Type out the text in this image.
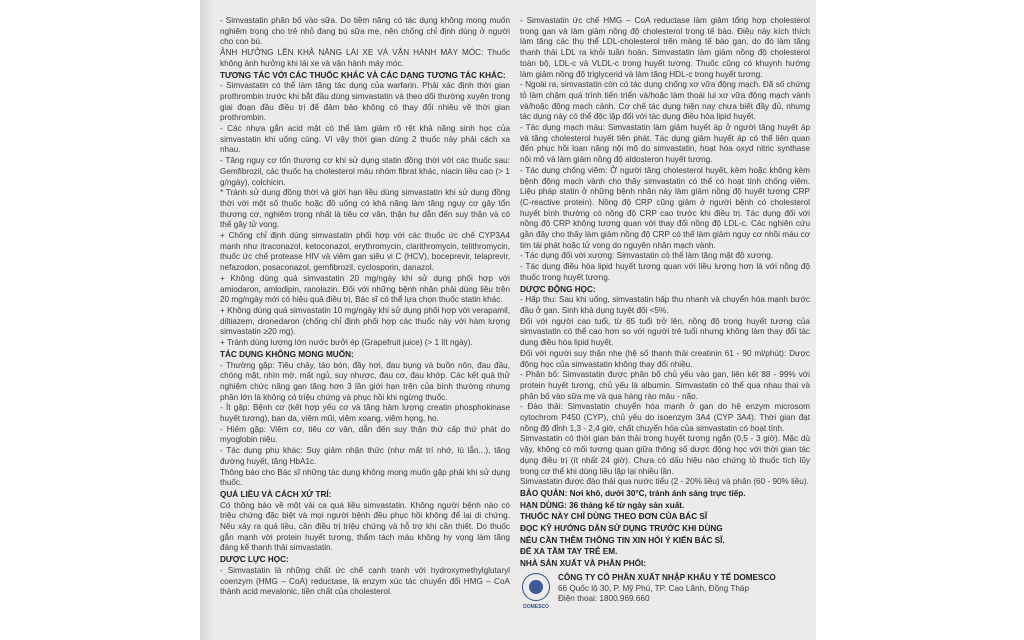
- Simvastatin phân bố vào sữa. Do tiềm năng có tác dụng không mong muốn nghiêm trọng cho trẻ nhỏ đang bú sữa mẹ, nên chống chỉ định dùng ở người cho con bú.

ẢNH HƯỞNG LÊN KHẢ NĂNG LÁI XE VÀ VẬN HÀNH MÁY MÓC: Thuốc không ảnh hưởng khi lái xe và vận hành máy móc.

TƯƠNG TÁC VỚI CÁC THUỐC KHÁC VÀ CÁC DẠNG TƯƠNG TÁC KHÁC:

- Simvastatin có thể làm tăng tác dụng của warfarin. Phải xác định thời gian prothrombin trước khi bắt đầu dùng simvastatin và theo dõi thường xuyên trong giai đoạn đầu điều trị để đảm bảo không có thay đổi nhiều về thời gian prothrombin.

- Các nhựa gắn acid mật có thể làm giảm rõ rệt khả năng sinh học của simvastatin khi uống cùng. Vì vậy thời gian dùng 2 thuốc này phải cách xa nhau.

- Tăng nguy cơ tổn thương cơ khi sử dụng statin đồng thời với các thuốc sau: Gemfibrozil, các thuốc hạ cholesterol máu nhóm fibrat khác, niacin liều cao (> 1 g/ngày), colchicin.

* Tránh sử dụng đồng thời và giới hạn liều dùng simvastatin khi sử dụng đồng thời với một số thuốc hoặc đồ uống có khả năng làm tăng nguy cơ gây tổn thương cơ, nghiêm trọng nhất là tiêu cơ vân, thận hư dẫn đến suy thận và có thể gây tử vong.

+ Chống chỉ định dùng simvastatin phối hợp với các thuốc ức chế CYP3A4 mạnh như itraconazol, ketoconazol, erythromycin, clarithromycin, telithromycin, thuốc ức chế protease HIV và viêm gan siêu vi C (HCV), boceprevir, telaprevir, nefazodon, posaconazol, gemfibrozil, cyclosporin, danazol.

+ Không dùng quá simvastatin 20 mg/ngày khi sử dụng phối hợp với amiodaron, amlodipin, ranolazin. Đối với những bệnh nhân phải dùng liều trên 20 mg/ngày mới có hiệu quả điều trị, Bác sĩ có thể lựa chọn thuốc statin khác.

+ Không dùng quá simvastatin 10 mg/ngày khi sử dụng phối hợp với verapamil, diltiazem, dronedaron (chống chỉ định phối hợp các thuốc này với hàm lượng simvastatin ≥20 mg).

+ Tránh dùng lượng lớn nước bưởi ép (Grapefruit juice) (> 1 lít ngày).

TÁC DỤNG KHÔNG MONG MUỐN:

- Thường gặp: Tiêu chảy, táo bón, đầy hơi, đau bụng và buồn nôn, đau đầu, chóng mặt, nhìn mờ, mất ngủ, suy nhược, đau cơ, đau khớp. Các kết quả thử nghiệm chức năng gan tăng hơn 3 lần giới hạn trên của bình thường nhưng phần lớn là không có triệu chứng và phục hồi khi ngừng thuốc.

- Ít gặp: Bệnh cơ (kết hợp yếu cơ và tăng hàm lượng creatin phosphokinase huyết tương), ban da, viêm mũi, viêm xoang, viêm họng, ho.

- Hiếm gặp: Viêm cơ, tiêu cơ vân, dẫn đến suy thận thứ cấp thứ phát do myoglobin niệu.

- Tác dụng phụ khác: Suy giảm nhận thức (như mất trí nhớ, lú lẫn...), tăng đường huyết, tăng HbA1c.

Thông báo cho Bác sĩ những tác dụng không mong muốn gặp phải khi sử dụng thuốc.

QUÁ LIỀU VÀ CÁCH XỬ TRÍ:

Có thông báo về một vài ca quá liều simvastatin. Không người bệnh nào có triệu chứng đặc biệt và mọi người bệnh đều phục hồi không để lại di chứng. Nếu xảy ra quá liều, cần điều trị triệu chứng và hỗ trợ khi cần thiết. Do thuốc gắn mạnh với protein huyết tương, thẩm tách máu không hy vọng làm tăng đáng kể thanh thải simvastatin.

DƯỢC LỰC HỌC:

- Simvastatin là những chất ức chế cạnh tranh với hydroxymethylglutaryl coenzym (HMG – CoA) reductase, là enzym xúc tác chuyển đổi HMG – CoA thành acid mevalonic, tiền chất của cholesterol.

- Simvastatin ức chế HMG – CoA reductase làm giảm tổng hợp cholesterol trong gan và làm giảm nồng độ cholesterol trong tế bào. Điều này kích thích làm tăng các thụ thể LDL-cholesterol trên màng tế bào gan, do đó làm tăng thanh thải LDL ra khỏi tuần hoàn. Simvastatin làm giảm nồng độ cholesterol toàn bộ, LDL-c và VLDL-c trong huyết tương. Thuốc cũng có khuynh hướng làm giảm nồng độ triglycerid và làm tăng HDL-c trong huyết tương.

- Ngoài ra, simvastatin còn có tác dụng chống xơ vữa động mạch. Đã số chứng tỏ làm chậm quá trình tiến triển và/hoặc làm thoái lui xơ vữa động mạch vành và/hoặc động mạch cảnh. Cơ chế tác dụng hiện nay chưa biết đầy đủ, nhưng tác dụng này có thể độc lập đối với tác dụng điều hòa lipid huyết.

- Tác dụng mạch máu: Simvastatin làm giảm huyết áp ở người tăng huyết áp và tăng cholesterol huyết tiên phát. Tác dụng giảm huyết áp có thể liên quan đến phục hồi loan năng nội mô do simvastatin, hoạt hóa oxyd nitric synthase nội mô và làm giảm nồng độ aldosteron huyết tương.

- Tác dụng chống viêm: Ở người tăng cholesterol huyết, kèm hoặc không kèm bệnh động mạch vành cho thấy simvastatin có thể có hoạt tính chống viêm. Liệu pháp statin ở những bệnh nhân này làm giảm nồng độ huyết tương CRP (C-reactive protein). Nồng độ CRP cũng giảm ở người bệnh có cholesterol huyết bình thường có nồng độ CRP cao trước khi điều trị. Tác dụng đối với nồng độ CRP không tương quan với thay đổi nồng độ LDL-c. Các nghiên cứu gần đây cho thấy làm giảm nồng độ CRP có thể làm giảm nguy cơ nhồi máu cơ tim tái phát hoặc tử vong do nguyên nhân mạch vành.

- Tác dụng đối với xương: Simvastatin có thể làm tăng mật độ xương.

- Tác dụng điều hòa lipid huyết tương quan với liều lượng hơn là với nồng độ thuốc trong huyết tương.

DƯỢC ĐỘNG HỌC:

- Hấp thu: Sau khi uống, simvastatin hấp thu nhanh và chuyển hóa mạnh bước đầu ở gan. Sinh khả dụng tuyệt đối <5%.

Đối với người cao tuổi, từ 65 tuổi trở lên, nồng độ trong huyết tương của simvastatin có thể cao hơn so với người trẻ tuổi nhưng không làm thay đổi tác dụng điều hòa lipid huyết.

Đối với người suy thận nhẹ (hệ số thanh thải creatinin 61 - 90 ml/phút): Dược động học của simvastatin không thay đổi nhiều.

- Phân bố: Simvastatin được phân bố chủ yếu vào gan, liên kết 88 - 99% với protein huyết tương, chủ yếu là albumin. Simvastatin có thể qua nhau thai và phân bố vào sữa mẹ và qua hàng rào máu - não.

- Đào thải: Simvastatin chuyển hóa mạnh ở gan do hệ enzym microsom cytochrom P450 (CYP), chủ yếu do isoenzym 3A4 (CYP 3A4). Thời gian đạt nồng độ đỉnh 1,3 - 2,4 giờ, chất chuyển hóa của simvastatin có hoạt tính.

Simvastatin có thời gian bán thải trong huyết tương ngắn (0,5 - 3 giờ). Mặc dù vậy, không có mối tương quan giữa thông số dược động học với thời gian tác dụng điều trị (ít nhất 24 giờ). Chưa có dấu hiệu nào chứng tỏ thuốc tích lũy trong cơ thể khi dùng liều lặp lại nhiều lần.

Simvastatin được đào thải qua nước tiểu (2 - 20% liều) và phân (60 - 90% liều).

BẢO QUẢN: Nơi khô, dưới 30°C, tránh ánh sáng trực tiếp.

HẠN DÙNG: 36 tháng kể từ ngày sản xuất.

THUỐC NÀY CHỈ DÙNG THEO ĐƠN CỦA BÁC SĨ

ĐỌC KỸ HƯỚNG DẪN SỬ DỤNG TRƯỚC KHI DÙNG

NẾU CẦN THÊM THÔNG TIN XIN HỎI Ý KIẾN BÁC SĨ.

ĐỂ XA TẦM TAY TRẺ EM.

NHÀ SẢN XUẤT VÀ PHÂN PHỐI:

DOMESCO
CÔNG TY CỔ PHẦN XUẤT NHẬP KHẨU Y TẾ DOMESCO
66 Quốc lộ 30, P. Mỹ Phú, TP. Cao Lãnh, Đồng Tháp
Điện thoại: 1800.969.660
